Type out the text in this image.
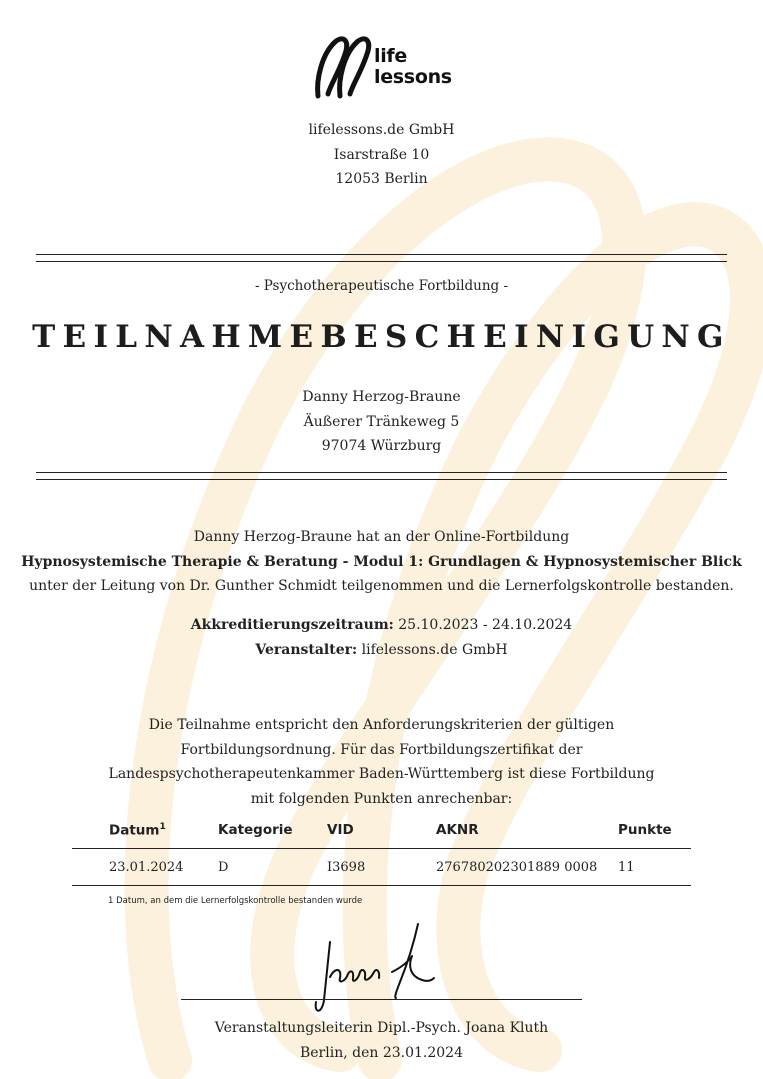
life
lessons
lifelessons.de GmbH
Isarstraße 10
12053 Berlin
- Psychotherapeutische Fortbildung -
TEILNAHMEBESCHEINIGUNG
Danny Herzog-Braune
Äußerer Tränkeweg 5
97074 Würzburg
Danny Herzog-Braune hat an der Online-Fortbildung
Hypnosystemische Therapie & Beratung - Modul 1: Grundlagen & Hypnosystemischer Blick
unter der Leitung von Dr. Gunther Schmidt teilgenommen und die Lernerfolgskontrolle bestanden.
Akkreditierungszeitraum: 25.10.2023 - 24.10.2024
Veranstalter: lifelessons.de GmbH
Die Teilnahme entspricht den Anforderungskriterien der gültigen
Fortbildungsordnung. Für das Fortbildungszertifikat der
Landespsychotherapeutenkammer Baden-Württemberg ist diese Fortbildung
mit folgenden Punkten anrechenbar:
Datum$^1$	Kategorie	VID	AKNR	Punkte
23.01.2024	D	I3698	276780202301889 0008	11
1 Datum, an dem die Lernerfolgskontrolle bestanden wurde
Veranstaltungsleiterin Dipl.-Psych. Joana Kluth
Berlin, den 23.01.2024
